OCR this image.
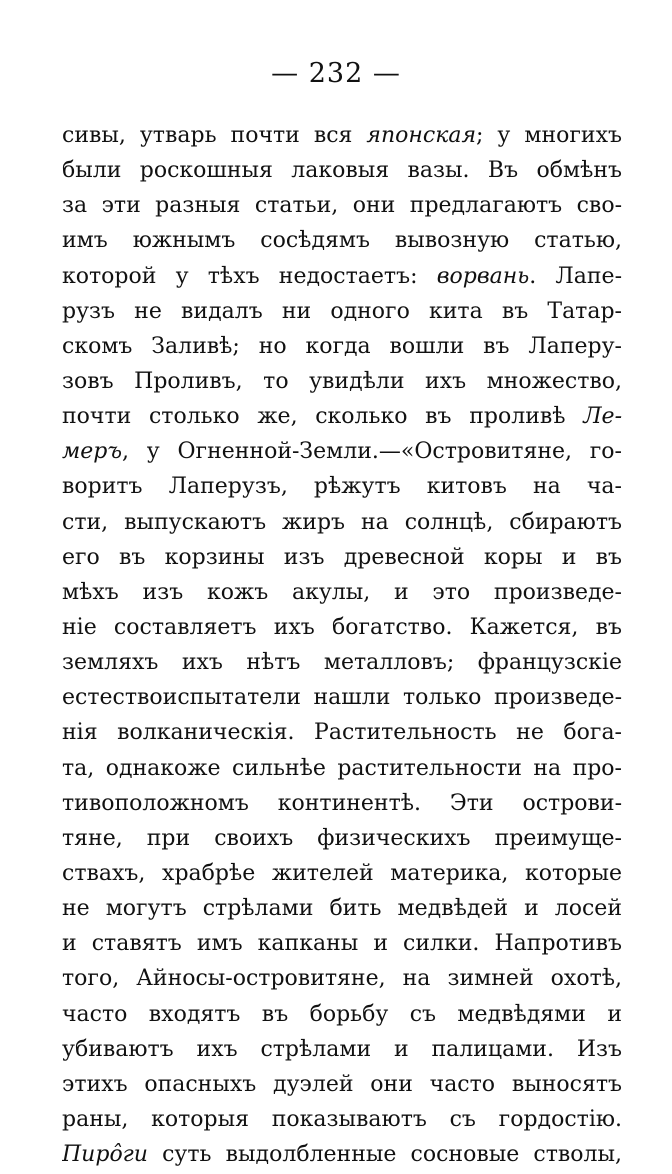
— 232 —
сивы, утварь почти вся японская; у многихъ
были роскошныя лаковыя вазы. Въ обмѣнъ
за эти разныя статьи, они предлагаютъ сво-
имъ южнымъ сосѣдямъ вывозную статью,
которой у тѣхъ недостаетъ: ворвань. Лапе-
рузъ не видалъ ни одного кита въ Татар-
скомъ Заливѣ; но когда вошли въ Лаперу-
зовъ Проливъ, то увидѣли ихъ множество,
почти столько же, сколько въ проливѣ Ле-
меръ, у Огненной-Земли.—«Островитяне, го-
воритъ Лаперузъ, рѣжутъ китовъ на ча-
сти, выпускаютъ жиръ на солнцѣ, сбираютъ
его въ корзины изъ древесной коры и въ
мѣхъ изъ кожъ акулы, и это произведе-
ніе составляетъ ихъ богатство. Кажется, въ
земляхъ ихъ нѣтъ металловъ; французскіе
естествоиспытатели нашли только произведе-
нія волканическія. Растительность не бога-
та, однакоже сильнѣе растительности на про-
тивоположномъ континентѣ. Эти острови-
тяне, при своихъ физическихъ преимуще-
ствахъ, храбрѣе жителей материка, которые
не могутъ стрѣлами бить медвѣдей и лосей
и ставятъ имъ капканы и силки. Напротивъ
того, Айносы-островитяне, на зимней охотѣ,
часто входятъ въ борьбу съ медвѣдями и
убиваютъ ихъ стрѣлами и палицами. Изъ
этихъ опасныхъ дуэлей они часто выносятъ
раны, которыя показываютъ съ гордостію.
Пирôги суть выдолбленные сосновые стволы,
